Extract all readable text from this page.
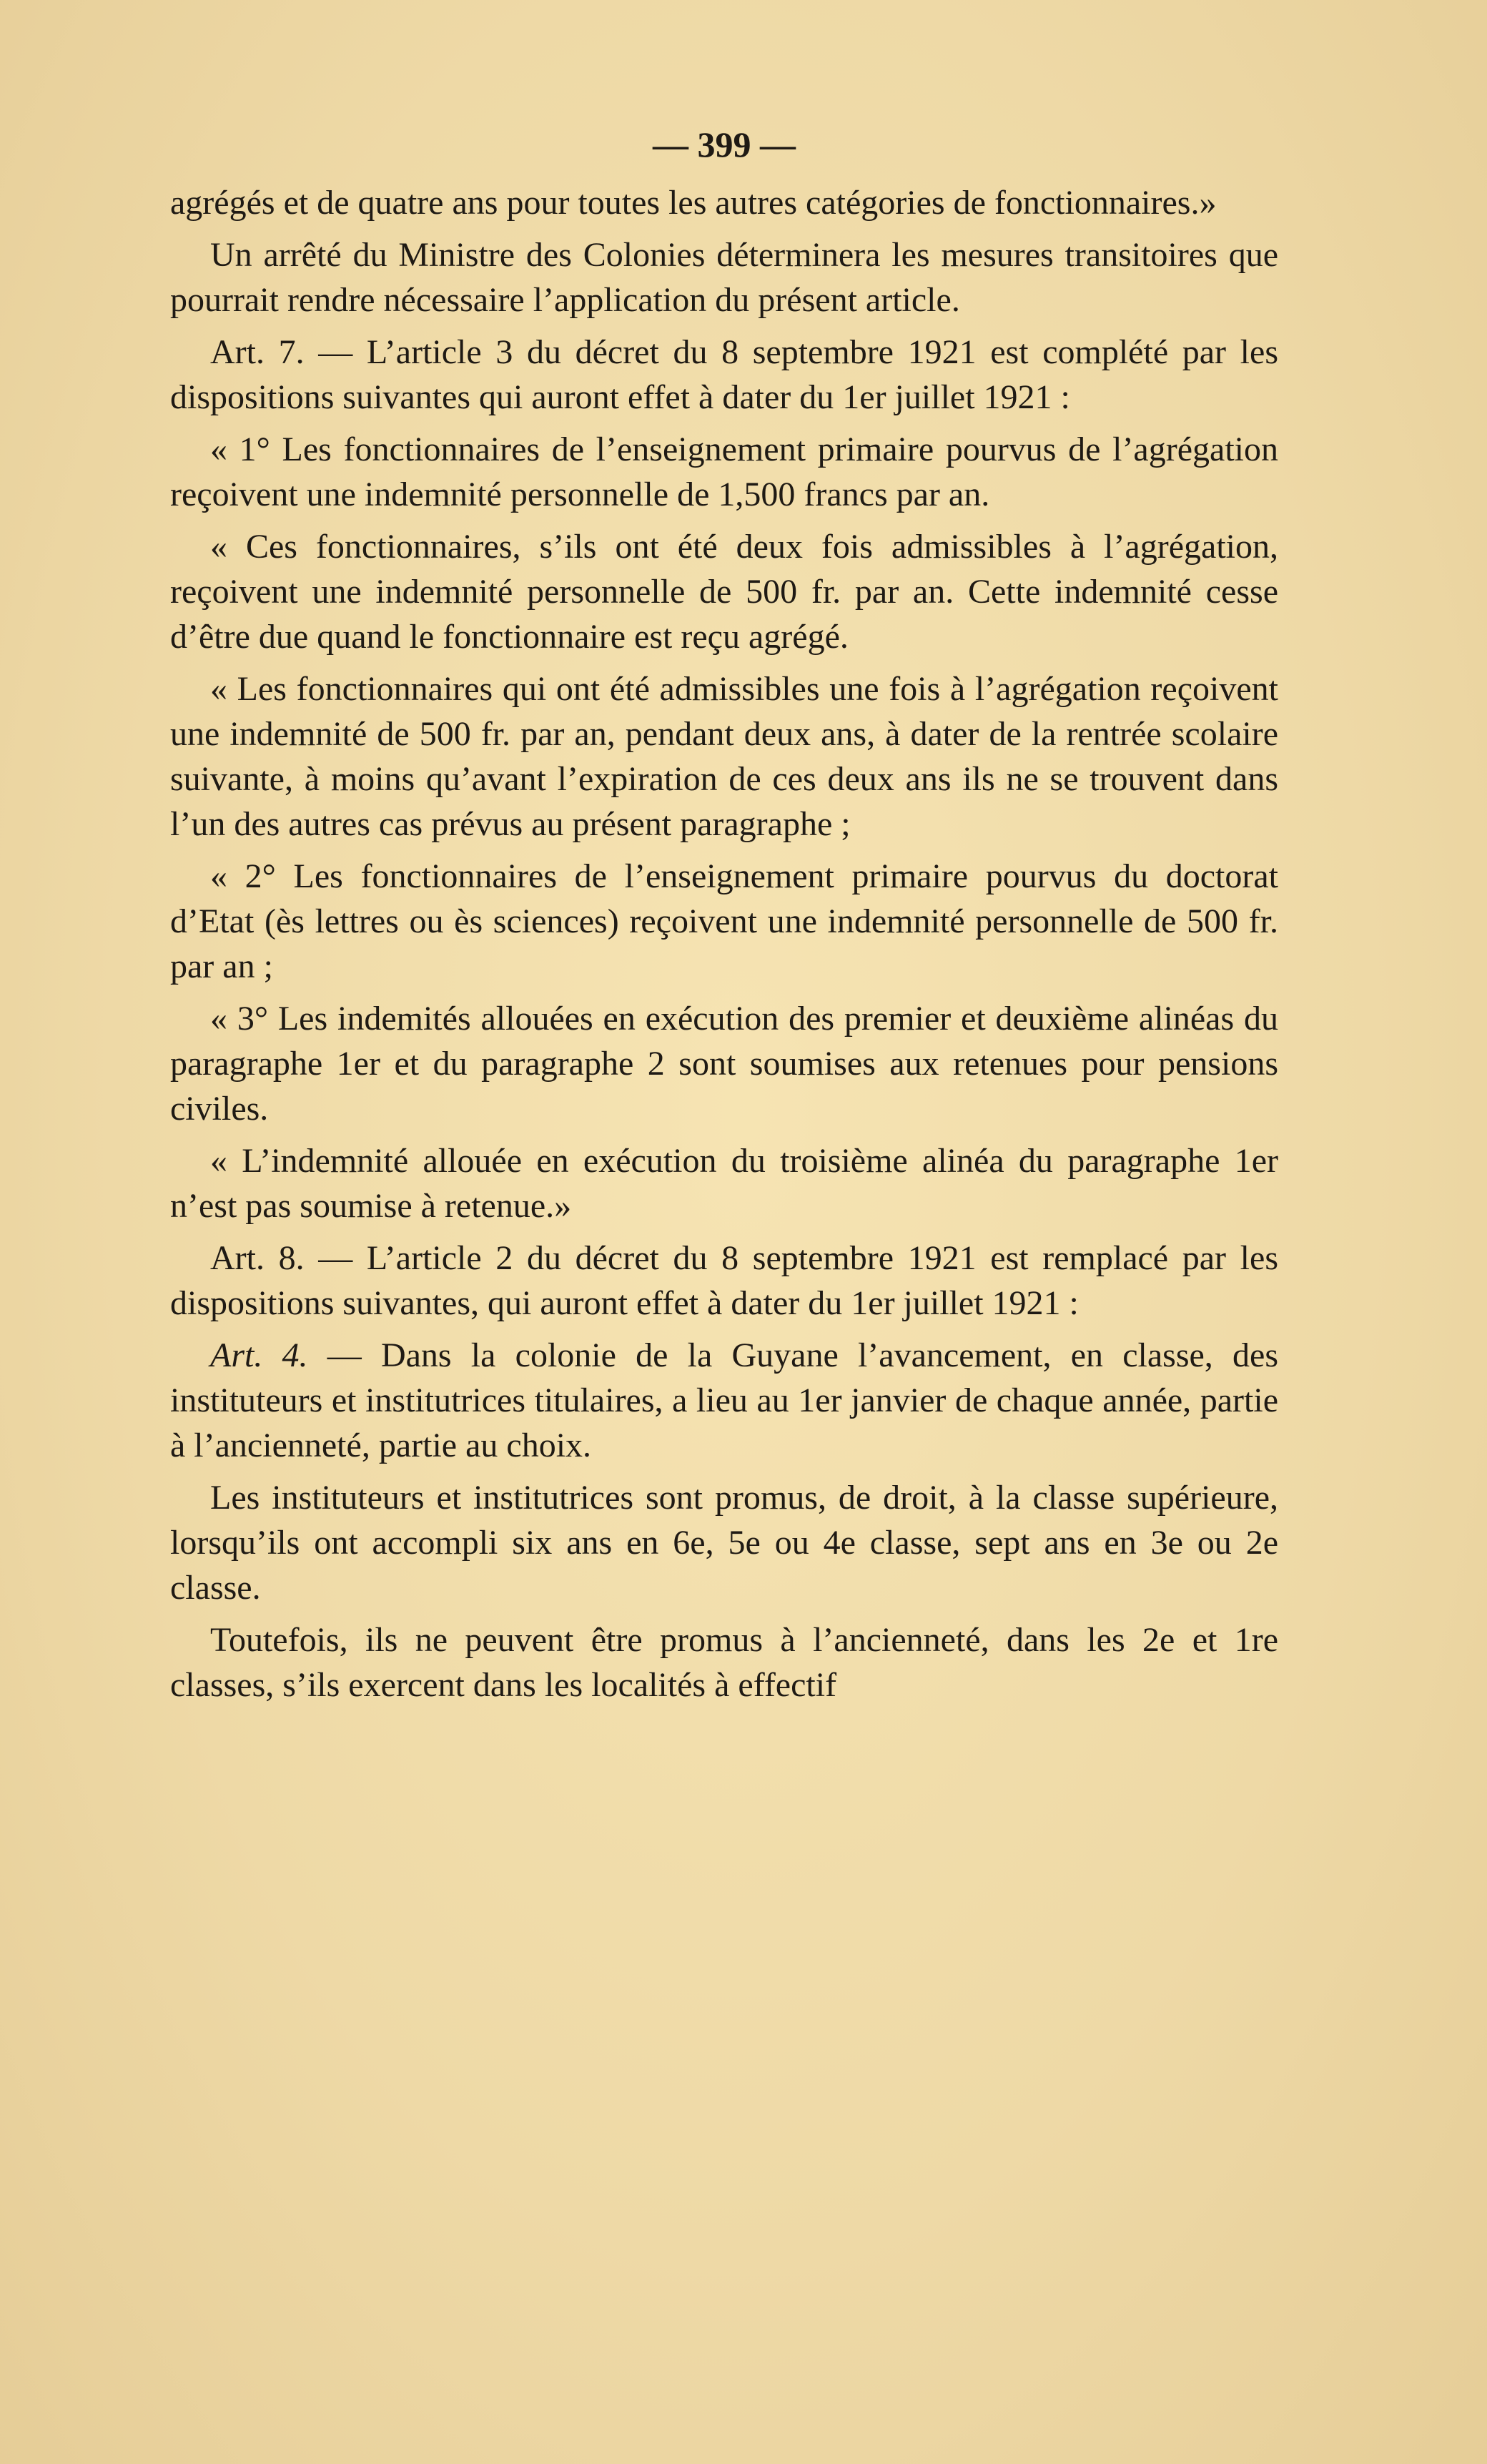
— 399 —

agrégés et de quatre ans pour toutes les autres catégories de fonctionnaires.»

Un arrêté du Ministre des Colonies déterminera les mesures transitoires que pourrait rendre nécessaire l’application du présent article.

Art. 7. — L’article 3 du décret du 8 septembre 1921 est complété par les dispositions suivantes qui auront effet à dater du 1er juillet 1921 :

« 1° Les fonctionnaires de l’enseignement primaire pourvus de l’agrégation reçoivent une indemnité personnelle de 1,500 francs par an.

« Ces fonctionnaires, s’ils ont été deux fois admissibles à l’agrégation, reçoivent une indemnité personnelle de 500 fr. par an. Cette indemnité cesse d’être due quand le fonctionnaire est reçu agrégé.

« Les fonctionnaires qui ont été admissibles une fois à l’agrégation reçoivent une indemnité de 500 fr. par an, pendant deux ans, à dater de la rentrée scolaire suivante, à moins qu’avant l’expiration de ces deux ans ils ne se trouvent dans l’un des autres cas prévus au présent paragraphe ;

« 2° Les fonctionnaires de l’enseignement primaire pourvus du doctorat d’Etat (ès lettres ou ès sciences) reçoivent une indemnité personnelle de 500 fr. par an ;

« 3° Les indemités allouées en exécution des premier et deuxième alinéas du paragraphe 1er et du paragraphe 2 sont soumises aux retenues pour pensions civiles.

« L’indemnité allouée en exécution du troisième alinéa du paragraphe 1er n’est pas soumise à retenue.»

Art. 8. — L’article 2 du décret du 8 septembre 1921 est remplacé par les dispositions suivantes, qui auront effet à dater du 1er juillet 1921 :

Art. 4. — Dans la colonie de la Guyane l’avancement, en classe, des instituteurs et institutrices titulaires, a lieu au 1er janvier de chaque année, partie à l’ancienneté, partie au choix.

Les instituteurs et institutrices sont promus, de droit, à la classe supérieure, lorsqu’ils ont accompli six ans en 6e, 5e ou 4e classe, sept ans en 3e ou 2e classe.

Toutefois, ils ne peuvent être promus à l’ancienneté, dans les 2e et 1re classes, s’ils exercent dans les localités à effectif
